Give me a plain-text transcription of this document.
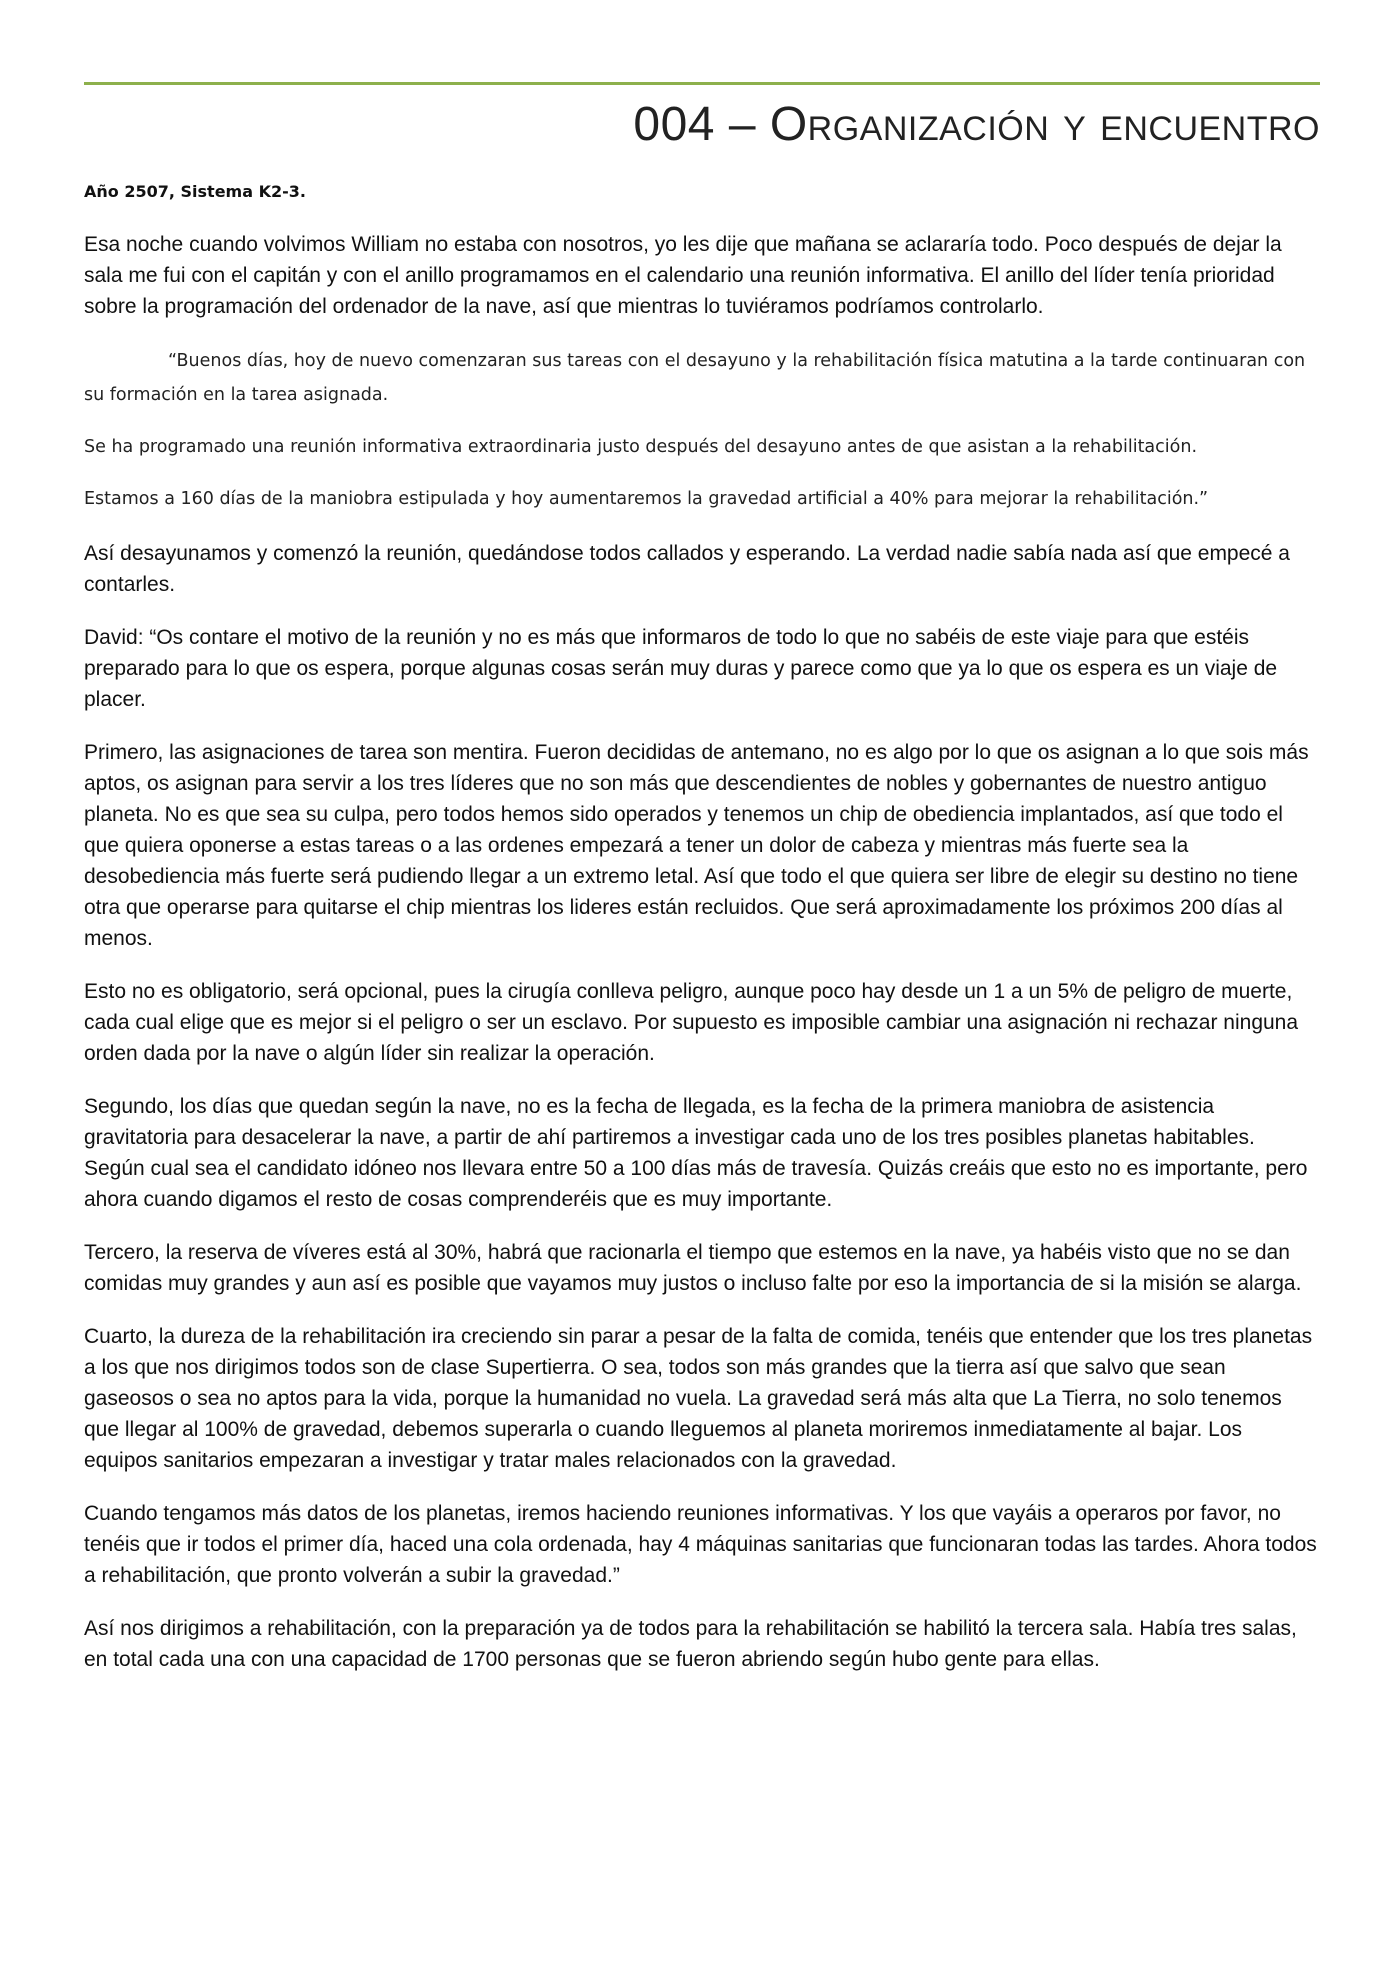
004 – Organización y encuentro

Año 2507, Sistema K2-3.

Esa noche cuando volvimos William no estaba con nosotros, yo les dije que mañana se aclararía todo. Poco después de dejar la sala me fui con el capitán y con el anillo programamos en el calendario una reunión informativa. El anillo del líder tenía prioridad sobre la programación del ordenador de la nave, así que mientras lo tuviéramos podríamos controlarlo.

“Buenos días, hoy de nuevo comenzaran sus tareas con el desayuno y la rehabilitación física matutina a la tarde continuaran con su formación en la tarea asignada.

Se ha programado una reunión informativa extraordinaria justo después del desayuno antes de que asistan a la rehabilitación.

Estamos a 160 días de la maniobra estipulada y hoy aumentaremos la gravedad artificial a 40% para mejorar la rehabilitación.”

Así desayunamos y comenzó la reunión, quedándose todos callados y esperando. La verdad nadie sabía nada así que empecé a contarles.

David: “Os contare el motivo de la reunión y no es más que informaros de todo lo que no sabéis de este viaje para que estéis preparado para lo que os espera, porque algunas cosas serán muy duras y parece como que ya lo que os espera es un viaje de placer.

Primero, las asignaciones de tarea son mentira. Fueron decididas de antemano, no es algo por lo que os asignan a lo que sois más aptos, os asignan para servir a los tres líderes que no son más que descendientes de nobles y gobernantes de nuestro antiguo planeta. No es que sea su culpa, pero todos hemos sido operados y tenemos un chip de obediencia implantados, así que todo el que quiera oponerse a estas tareas o a las ordenes empezará a tener un dolor de cabeza y mientras más fuerte sea la desobediencia más fuerte será pudiendo llegar a un extremo letal. Así que todo el que quiera ser libre de elegir su destino no tiene otra que operarse para quitarse el chip mientras los lideres están recluidos. Que será aproximadamente los próximos 200 días al menos.

Esto no es obligatorio, será opcional, pues la cirugía conlleva peligro, aunque poco hay desde un 1 a un 5% de peligro de muerte, cada cual elige que es mejor si el peligro o ser un esclavo. Por supuesto es imposible cambiar una asignación ni rechazar ninguna orden dada por la nave o algún líder sin realizar la operación.

Segundo, los días que quedan según la nave, no es la fecha de llegada, es la fecha de la primera maniobra de asistencia gravitatoria para desacelerar la nave, a partir de ahí partiremos a investigar cada uno de los tres posibles planetas habitables. Según cual sea el candidato idóneo nos llevara entre 50 a 100 días más de travesía. Quizás creáis que esto no es importante, pero ahora cuando digamos el resto de cosas comprenderéis que es muy importante.

Tercero, la reserva de víveres está al 30%, habrá que racionarla el tiempo que estemos en la nave, ya habéis visto que no se dan comidas muy grandes y aun así es posible que vayamos muy justos o incluso falte por eso la importancia de si la misión se alarga.

Cuarto, la dureza de la rehabilitación ira creciendo sin parar a pesar de la falta de comida, tenéis que entender que los tres planetas a los que nos dirigimos todos son de clase Supertierra. O sea, todos son más grandes que la tierra así que salvo que sean gaseosos o sea no aptos para la vida, porque la humanidad no vuela. La gravedad será más alta que La Tierra, no solo tenemos que llegar al 100% de gravedad, debemos superarla o cuando lleguemos al planeta moriremos inmediatamente al bajar. Los equipos sanitarios empezaran a investigar y tratar males relacionados con la gravedad.

Cuando tengamos más datos de los planetas, iremos haciendo reuniones informativas. Y los que vayáis a operaros por favor, no tenéis que ir todos el primer día, haced una cola ordenada, hay 4 máquinas sanitarias que funcionaran todas las tardes. Ahora todos a rehabilitación, que pronto volverán a subir la gravedad.”

Así nos dirigimos a rehabilitación, con la preparación ya de todos para la rehabilitación se habilitó la tercera sala. Había tres salas, en total cada una con una capacidad de 1700 personas que se fueron abriendo según hubo gente para ellas.
